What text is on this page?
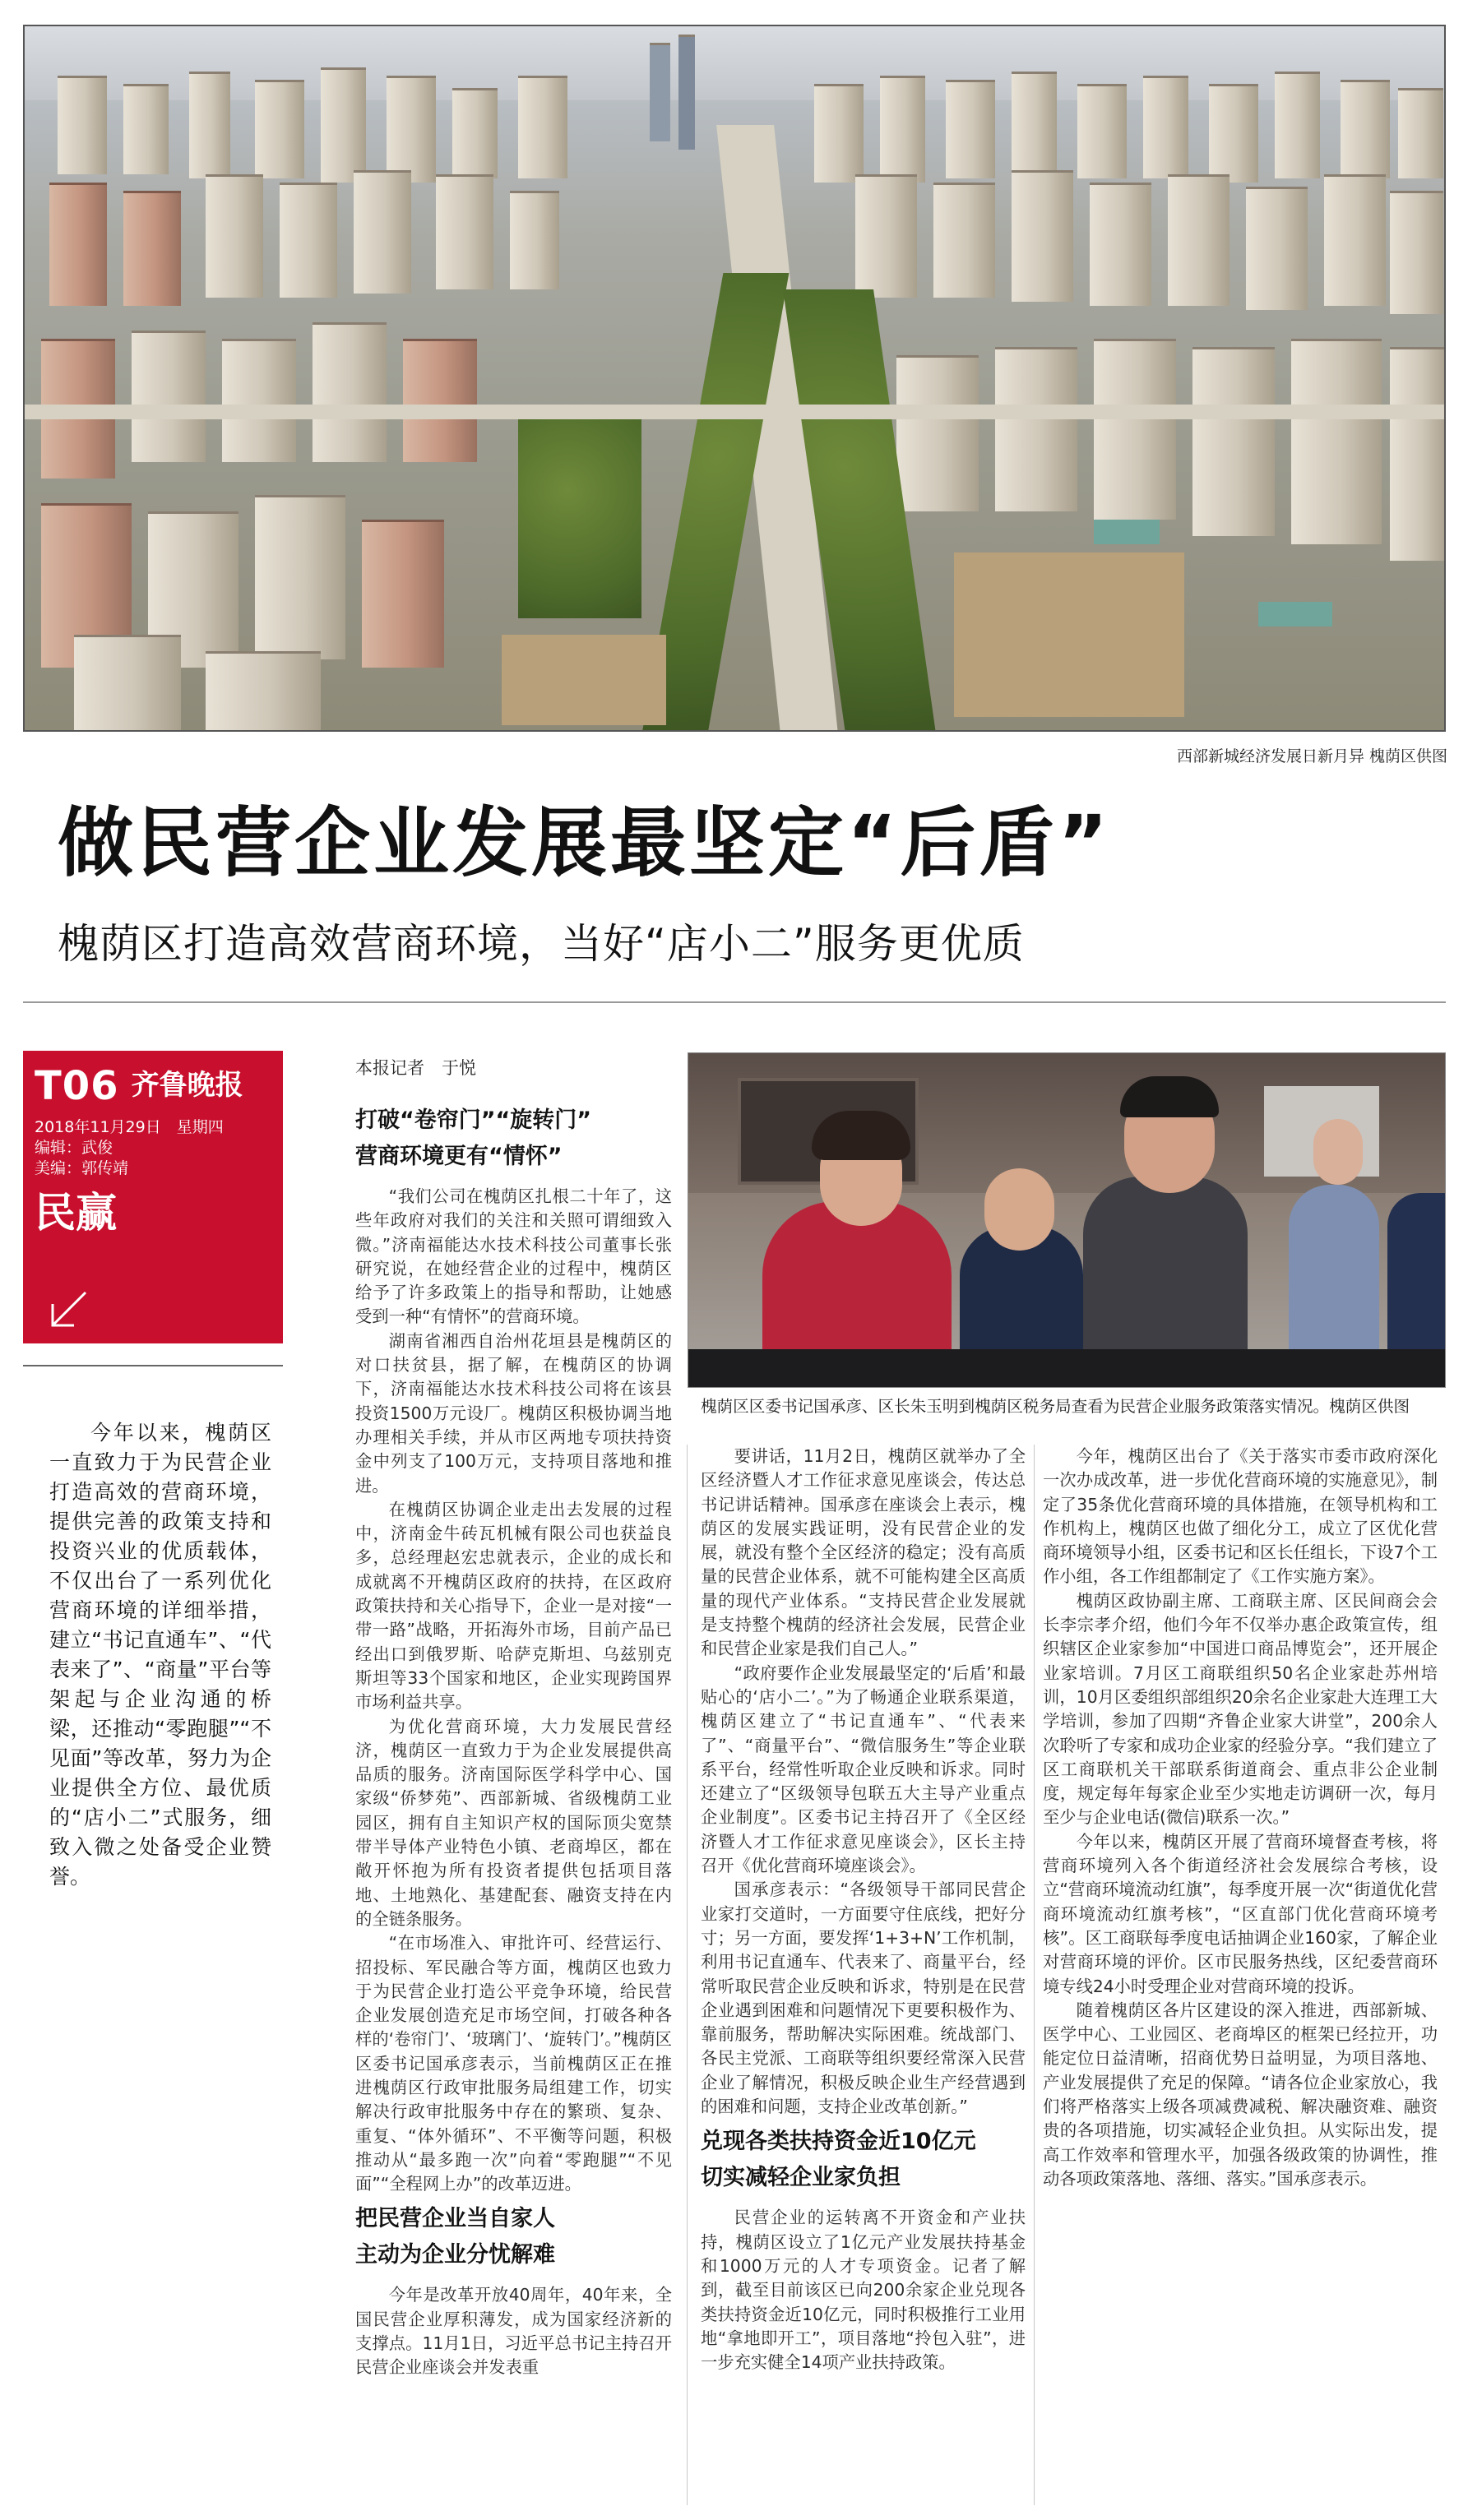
西部新城经济发展日新月异 槐荫区供图
做民营企业发展最坚定“后盾”
槐荫区打造高效营商环境，当好“店小二”服务更优质
T06 齐鲁晚报
2018年11月29日　星期四
编辑：武俊
美编：郭传靖
民赢
今年以来，槐荫区一直致力于为民营企业打造高效的营商环境，提供完善的政策支持和投资兴业的优质载体，不仅出台了一系列优化营商环境的详细举措，建立“书记直通车”、“代表来了”、“商量”平台等架起与企业沟通的桥梁，还推动“零跑腿”“不见面”等改革，努力为企业提供全方位、最优质的“店小二”式服务，细致入微之处备受企业赞誉。
本报记者　于悦
打破“卷帘门”“旋转门”
营商环境更有“情怀”

“我们公司在槐荫区扎根二十年了，这些年政府对我们的关注和关照可谓细致入微。”济南福能达水技术科技公司董事长张研究说，在她经营企业的过程中，槐荫区给予了许多政策上的指导和帮助，让她感受到一种“有情怀”的营商环境。

湖南省湘西自治州花垣县是槐荫区的对口扶贫县，据了解，在槐荫区的协调下，济南福能达水技术科技公司将在该县投资1500万元设厂。槐荫区积极协调当地办理相关手续，并从市区两地专项扶持资金中列支了100万元，支持项目落地和推进。

在槐荫区协调企业走出去发展的过程中，济南金牛砖瓦机械有限公司也获益良多，总经理赵宏忠就表示，企业的成长和成就离不开槐荫区政府的扶持，在区政府政策扶持和关心指导下，企业一是对接“一带一路”战略，开拓海外市场，目前产品已经出口到俄罗斯、哈萨克斯坦、乌兹别克斯坦等33个国家和地区，企业实现跨国界市场利益共享。

为优化营商环境，大力发展民营经济，槐荫区一直致力于为企业发展提供高品质的服务。济南国际医学科学中心、国家级“侨梦苑”、西部新城、省级槐荫工业园区，拥有自主知识产权的国际顶尖宽禁带半导体产业特色小镇、老商埠区，都在敞开怀抱为所有投资者提供包括项目落地、土地熟化、基建配套、融资支持在内的全链条服务。

“在市场准入、审批许可、经营运行、招投标、军民融合等方面，槐荫区也致力于为民营企业打造公平竞争环境，给民营企业发展创造充足市场空间，打破各种各样的‘卷帘门’、‘玻璃门’、‘旋转门’。”槐荫区区委书记国承彦表示，当前槐荫区正在推进槐荫区行政审批服务局组建工作，切实解决行政审批服务中存在的繁琐、复杂、重复、“体外循环”、不平衡等问题，积极推动从“最多跑一次”向着“零跑腿”“不见面”“全程网上办”的改革迈进。

把民营企业当自家人
主动为企业分忧解难

今年是改革开放40周年，40年来，全国民营企业厚积薄发，成为国家经济新的支撑点。11月1日，习近平总书记主持召开民营企业座谈会并发表重

槐荫区区委书记国承彦、区长朱玉明到槐荫区税务局查看为民营企业服务政策落实情况。槐荫区供图

要讲话，11月2日，槐荫区就举办了全区经济暨人才工作征求意见座谈会，传达总书记讲话精神。国承彦在座谈会上表示，槐荫区的发展实践证明，没有民营企业的发展，就没有整个全区经济的稳定；没有高质量的民营企业体系，就不可能构建全区高质量的现代产业体系。“支持民营企业发展就是支持整个槐荫的经济社会发展，民营企业和民营企业家是我们自己人。”

“政府要作企业发展最坚定的‘后盾’和最贴心的‘店小二’。”为了畅通企业联系渠道，槐荫区建立了“书记直通车”、“代表来了”、“商量平台”、“微信服务生”等企业联系平台，经常性听取企业反映和诉求。同时还建立了“区级领导包联五大主导产业重点企业制度”。区委书记主持召开了《全区经济暨人才工作征求意见座谈会》，区长主持召开《优化营商环境座谈会》。

国承彦表示：“各级领导干部同民营企业家打交道时，一方面要守住底线，把好分寸；另一方面，要发挥‘1+3+N’工作机制，利用书记直通车、代表来了、商量平台，经常听取民营企业反映和诉求，特别是在民营企业遇到困难和问题情况下更要积极作为、靠前服务，帮助解决实际困难。统战部门、各民主党派、工商联等组织要经常深入民营企业了解情况，积极反映企业生产经营遇到的困难和问题，支持企业改革创新。”

兑现各类扶持资金近10亿元
切实减轻企业家负担

民营企业的运转离不开资金和产业扶持，槐荫区设立了1亿元产业发展扶持基金和1000万元的人才专项资金。记者了解到，截至目前该区已向200余家企业兑现各类扶持资金近10亿元，同时积极推行工业用地“拿地即开工”，项目落地“拎包入驻”，进一步充实健全14项产业扶持政策。

今年，槐荫区出台了《关于落实市委市政府深化一次办成改革，进一步优化营商环境的实施意见》，制定了35条优化营商环境的具体措施，在领导机构和工作机构上，槐荫区也做了细化分工，成立了区优化营商环境领导小组，区委书记和区长任组长，下设7个工作小组，各工作组都制定了《工作实施方案》。

槐荫区政协副主席、工商联主席、区民间商会会长李宗孝介绍，他们今年不仅举办惠企政策宣传，组织辖区企业家参加“中国进口商品博览会”，还开展企业家培训。7月区工商联组织50名企业家赴苏州培训，10月区委组织部组织20余名企业家赴大连理工大学培训，参加了四期“齐鲁企业家大讲堂”，200余人次聆听了专家和成功企业家的经验分享。“我们建立了区工商联机关干部联系街道商会、重点非公企业制度，规定每年每家企业至少实地走访调研一次，每月至少与企业电话(微信)联系一次。”

今年以来，槐荫区开展了营商环境督查考核，将营商环境列入各个街道经济社会发展综合考核，设立“营商环境流动红旗”，每季度开展一次“街道优化营商环境流动红旗考核”，“区直部门优化营商环境考核”。区工商联每季度电话抽调企业160家，了解企业对营商环境的评价。区市民服务热线，区纪委营商环境专线24小时受理企业对营商环境的投诉。

随着槐荫区各片区建设的深入推进，西部新城、医学中心、工业园区、老商埠区的框架已经拉开，功能定位日益清晰，招商优势日益明显，为项目落地、产业发展提供了充足的保障。“请各位企业家放心，我们将严格落实上级各项减费减税、解决融资难、融资贵的各项措施，切实减轻企业负担。从实际出发，提高工作效率和管理水平，加强各级政策的协调性，推动各项政策落地、落细、落实。”国承彦表示。
